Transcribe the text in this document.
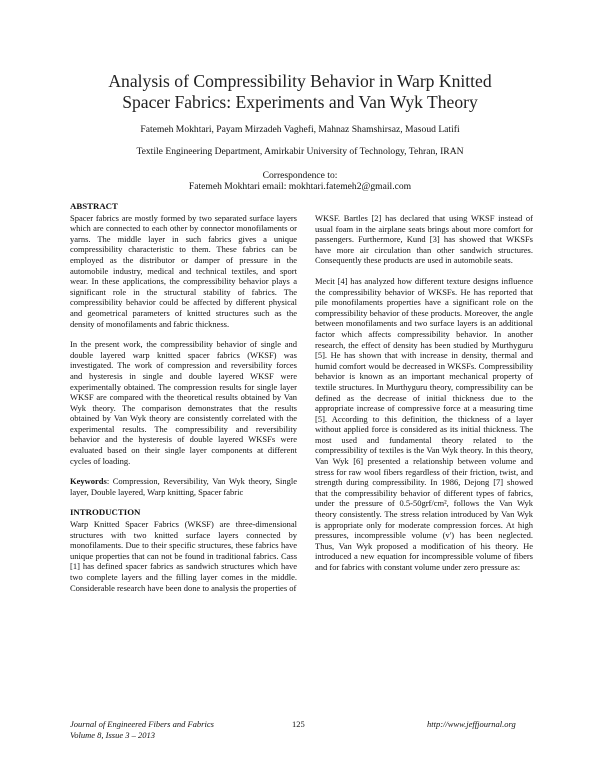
Analysis of Compressibility Behavior in Warp Knitted
Spacer Fabrics: Experiments and Van Wyk Theory
Fatemeh Mokhtari, Payam Mirzadeh Vaghefi, Mahnaz Shamshirsaz, Masoud Latifi
Textile Engineering Department, Amirkabir University of Technology, Tehran, IRAN
Correspondence to:
Fatemeh Mokhtari email: mokhtari.fatemeh2@gmail.com
ABSTRACT

Spacer fabrics are mostly formed by two separated surface layers which are connected to each other by connector monofilaments or yarns. The middle layer in such fabrics gives a unique compressibility characteristic to them. These fabrics can be employed as the distributor or damper of pressure in the automobile industry, medical and technical textiles, and sport wear. In these applications, the compressibility behavior plays a significant role in the structural stability of fabrics. The compressibility behavior could be affected by different physical and geometrical parameters of knitted structures such as the density of monofilaments and fabric thickness.

In the present work, the compressibility behavior of single and double layered warp knitted spacer fabrics (WKSF) was investigated. The work of compression and reversibility forces and hysteresis in single and double layered WKSF were experimentally obtained. The compression results for single layer WKSF are compared with the theoretical results obtained by Van Wyk theory. The comparison demonstrates that the results obtained by Van Wyk theory are consistently correlated with the experimental results. The compressibility and reversibility behavior and the hysteresis of double layered WKSFs were evaluated based on their single layer components at different cycles of loading.

Keywords: Compression, Reversibility, Van Wyk theory, Single layer, Double layered, Warp knitting, Spacer fabric

INTRODUCTION

Warp Knitted Spacer Fabrics (WKSF) are three-dimensional structures with two knitted surface layers connected by monofilaments. Due to their specific structures, these fabrics have unique properties that can not be found in traditional fabrics. Cass [1] has defined spacer fabrics as sandwich structures which have two complete layers and the filling layer comes in the middle. Considerable research have been done to analysis the properties of

WKSF. Bartles [2] has declared that using WKSF instead of usual foam in the airplane seats brings about more comfort for passengers. Furthermore, Kund [3] has showed that WKSFs have more air circulation than other sandwich structures. Consequently these products are used in automobile seats.

Mecit [4] has analyzed how different texture designs influence the compressibility behavior of WKSFs. He has reported that pile monofilaments properties have a significant role on the compressibility behavior of these products. Moreover, the angle between monofilaments and two surface layers is an additional factor which affects compressibility behavior. In another research, the effect of density has been studied by Murthyguru [5]. He has shown that with increase in density, thermal and humid comfort would be decreased in WKSFs. Compressibility behavior is known as an important mechanical property of textile structures. In Murthyguru theory, compressibility can be defined as the decrease of initial thickness due to the appropriate increase of compressive force at a measuring time [5]. According to this definition, the thickness of a layer without applied force is considered as its initial thickness. The most used and fundamental theory related to the compressibility of textiles is the Van Wyk theory. In this theory, Van Wyk [6] presented a relationship between volume and stress for raw wool fibers regardless of their friction, twist, and strength during compressibility. In 1986, Dejong [7] showed that the compressibility behavior of different types of fabrics, under the pressure of 0.5-50grf/cm², follows the Van Wyk theory consistently. The stress relation introduced by Van Wyk is appropriate only for moderate compression forces. At high pressures, incompressible volume (v') has been neglected. Thus, Van Wyk proposed a modification of his theory. He introduced a new equation for incompressible volume of fibers and for fabrics with constant volume under zero pressure as:

Journal of Engineered Fibers and Fabrics
Volume 8, Issue 3 – 2013
125	http://www.jeffjournal.org
